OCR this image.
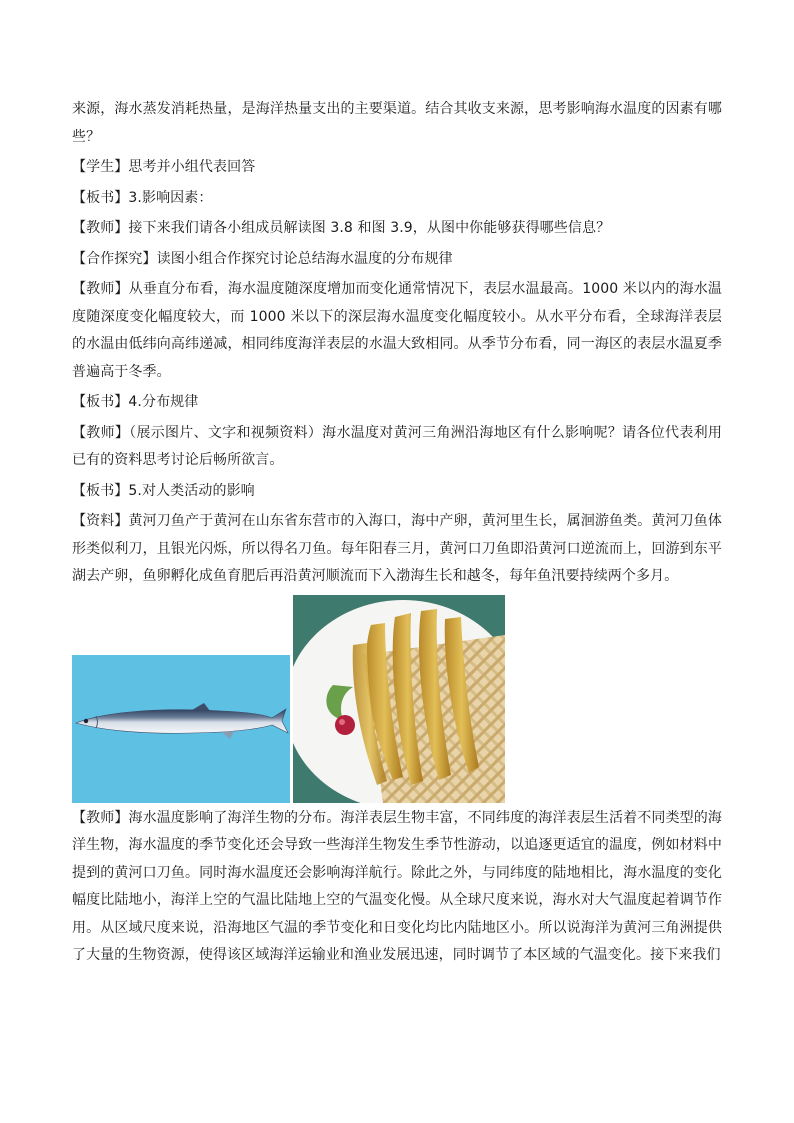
来源，海水蒸发消耗热量，是海洋热量支出的主要渠道。结合其收支来源，思考影响海水温度的因素有哪些？

【学生】思考并小组代表回答

【板书】3.影响因素：

【教师】接下来我们请各小组成员解读图 3.8 和图 3.9，从图中你能够获得哪些信息？

【合作探究】读图小组合作探究讨论总结海水温度的分布规律

【教师】从垂直分布看，海水温度随深度增加而变化通常情况下，表层水温最高。1000 米以内的海水温度随深度变化幅度较大，而 1000 米以下的深层海水温度变化幅度较小。从水平分布看，全球海洋表层的水温由低纬向高纬递减，相同纬度海洋表层的水温大致相同。从季节分布看，同一海区的表层水温夏季普遍高于冬季。

【板书】4.分布规律

【教师】（展示图片、文字和视频资料）海水温度对黄河三角洲沿海地区有什么影响呢？请各位代表利用已有的资料思考讨论后畅所欲言。

【板书】5.对人类活动的影响

【资料】黄河刀鱼产于黄河在山东省东营市的入海口，海中产卵，黄河里生长，属洄游鱼类。黄河刀鱼体形类似利刀，且银光闪烁，所以得名刀鱼。每年阳春三月，黄河口刀鱼即沿黄河口逆流而上，回游到东平湖去产卵，鱼卵孵化成鱼育肥后再沿黄河顺流而下入渤海生长和越冬，每年鱼汛要持续两个多月。

【教师】海水温度影响了海洋生物的分布。海洋表层生物丰富，不同纬度的海洋表层生活着不同类型的海洋生物，海水温度的季节变化还会导致一些海洋生物发生季节性游动，以追逐更适宜的温度，例如材料中提到的黄河口刀鱼。同时海水温度还会影响海洋航行。除此之外，与同纬度的陆地相比，海水温度的变化幅度比陆地小，海洋上空的气温比陆地上空的气温变化慢。从全球尺度来说，海水对大气温度起着调节作用。从区域尺度来说，沿海地区气温的季节变化和日变化均比内陆地区小。所以说海洋为黄河三角洲提供了大量的生物资源，使得该区域海洋运输业和渔业发展迅速，同时调节了本区域的气温变化。接下来我们
